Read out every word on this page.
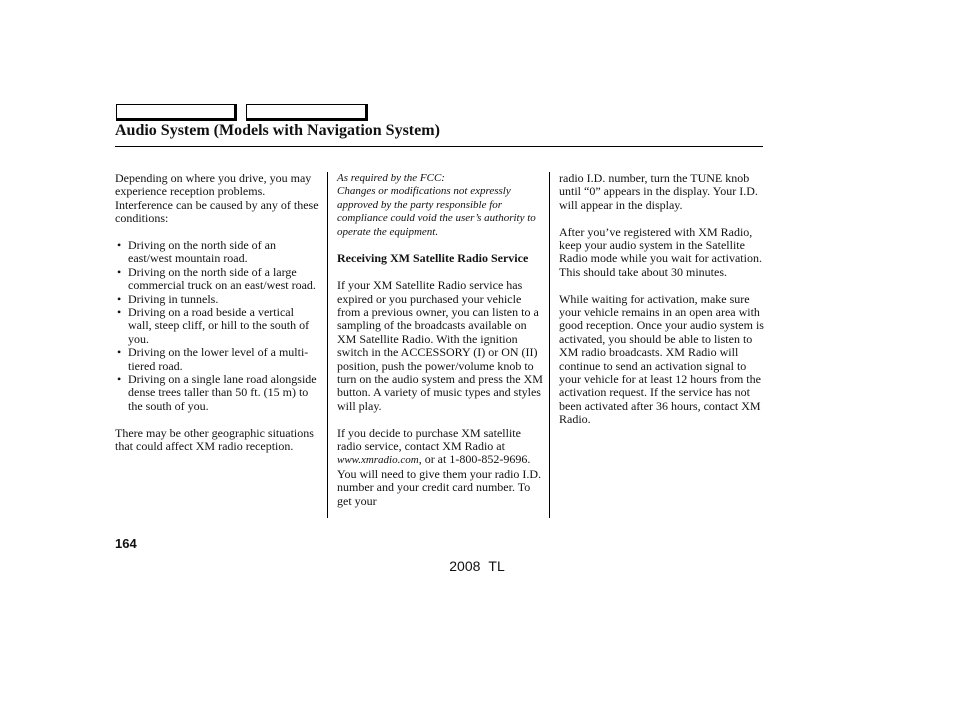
Audio System (Models with Navigation System)

Depending on where you drive, you may experience reception problems. Interference can be caused by any of these conditions:

• Driving on the north side of an east/west mountain road.
• Driving on the north side of a large commercial truck on an east/west road.
• Driving in tunnels.
• Driving on a road beside a vertical wall, steep cliff, or hill to the south of you.
• Driving on the lower level of a multi-tiered road.
• Driving on a single lane road alongside dense trees taller than 50 ft. (15 m) to the south of you.

There may be other geographic situations that could affect XM radio reception.

As required by the FCC:
Changes or modifications not expressly approved by the party responsible for compliance could void the user’s authority to operate the equipment.

Receiving XM Satellite Radio Service

If your XM Satellite Radio service has expired or you purchased your vehicle from a previous owner, you can listen to a sampling of the broadcasts available on XM Satellite Radio. With the ignition switch in the ACCESSORY (I) or ON (II) position, push the power/volume knob to turn on the audio system and press the XM button. A variety of music types and styles will play.

If you decide to purchase XM satellite radio service, contact XM Radio at www.xmradio.com, or at 1-800-852-9696. You will need to give them your radio I.D. number and your credit card number. To get your

radio I.D. number, turn the TUNE knob until “0” appears in the display. Your I.D. will appear in the display.

After you’ve registered with XM Radio, keep your audio system in the Satellite Radio mode while you wait for activation. This should take about 30 minutes.

While waiting for activation, make sure your vehicle remains in an open area with good reception. Once your audio system is activated, you should be able to listen to XM radio broadcasts. XM Radio will continue to send an activation signal to your vehicle for at least 12 hours from the activation request. If the service has not been activated after 36 hours, contact XM Radio.

164
2008 TL
